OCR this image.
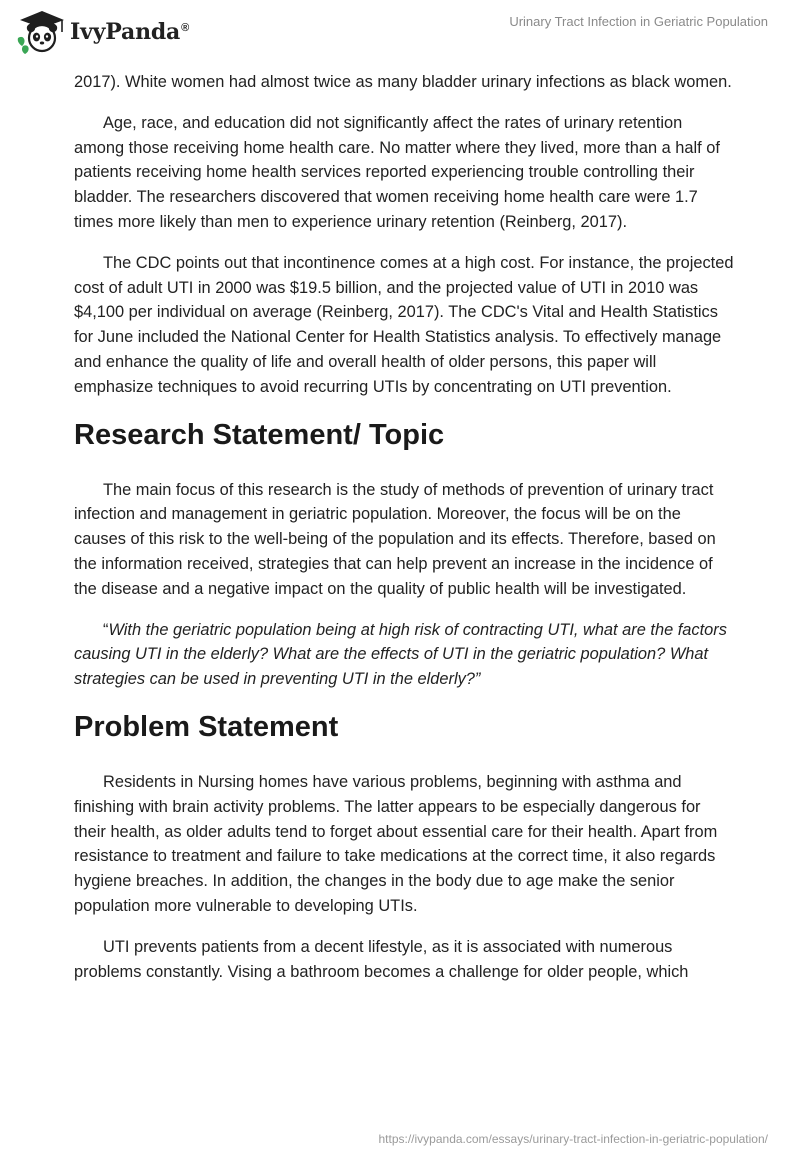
IvyPanda®	Urinary Tract Infection in Geriatric Population

2017). White women had almost twice as many bladder urinary infections as black women.

Age, race, and education did not significantly affect the rates of urinary retention among those receiving home health care. No matter where they lived, more than a half of patients receiving home health services reported experiencing trouble controlling their bladder. The researchers discovered that women receiving home health care were 1.7 times more likely than men to experience urinary retention (Reinberg, 2017).

The CDC points out that incontinence comes at a high cost. For instance, the projected cost of adult UTI in 2000 was $19.5 billion, and the projected value of UTI in 2010 was $4,100 per individual on average (Reinberg, 2017). The CDC's Vital and Health Statistics for June included the National Center for Health Statistics analysis. To effectively manage and enhance the quality of life and overall health of older persons, this paper will emphasize techniques to avoid recurring UTIs by concentrating on UTI prevention.

Research Statement/ Topic

The main focus of this research is the study of methods of prevention of urinary tract infection and management in geriatric population. Moreover, the focus will be on the causes of this risk to the well-being of the population and its effects. Therefore, based on the information received, strategies that can help prevent an increase in the incidence of the disease and a negative impact on the quality of public health will be investigated.

“With the geriatric population being at high risk of contracting UTI, what are the factors causing UTI in the elderly? What are the effects of UTI in the geriatric population? What strategies can be used in preventing UTI in the elderly?”

Problem Statement

Residents in Nursing homes have various problems, beginning with asthma and finishing with brain activity problems. The latter appears to be especially dangerous for their health, as older adults tend to forget about essential care for their health. Apart from resistance to treatment and failure to take medications at the correct time, it also regards hygiene breaches. In addition, the changes in the body due to age make the senior population more vulnerable to developing UTIs.

UTI prevents patients from a decent lifestyle, as it is associated with numerous problems constantly. Vising a bathroom becomes a challenge for older people, which

https://ivypanda.com/essays/urinary-tract-infection-in-geriatric-population/
